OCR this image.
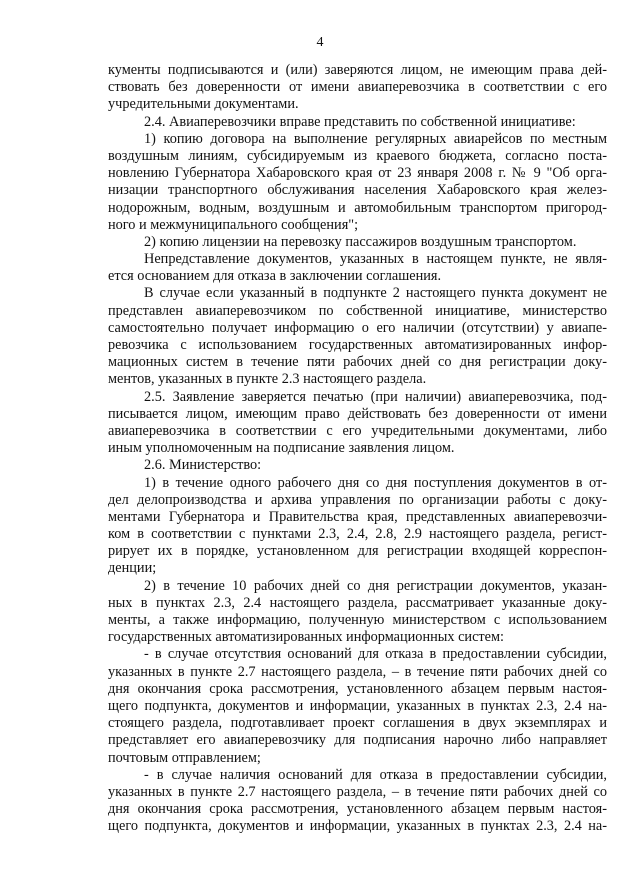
4
кументы подписываются и (или) заверяются лицом, не имеющим права дей-
ствовать без доверенности от имени авиаперевозчика в соответствии с его
учредительными документами.
2.4. Авиаперевозчики вправе представить по собственной инициативе:
1) копию договора на выполнение регулярных авиарейсов по местным
воздушным линиям, субсидируемым из краевого бюджета, согласно поста-
новлению Губернатора Хабаровского края от 23 января 2008 г. № 9 "Об орга-
низации транспортного обслуживания населения Хабаровского края желез-
нодорожным, водным, воздушным и автомобильным транспортом пригород-
ного и межмуниципального сообщения";
2) копию лицензии на перевозку пассажиров воздушным транспортом.
Непредставление документов, указанных в настоящем пункте, не явля-
ется основанием для отказа в заключении соглашения.
В случае если указанный в подпункте 2 настоящего пункта документ не
представлен авиаперевозчиком по собственной инициативе, министерство
самостоятельно получает информацию о его наличии (отсутствии) у авиапе-
ревозчика с использованием государственных автоматизированных инфор-
мационных систем в течение пяти рабочих дней со дня регистрации доку-
ментов, указанных в пункте 2.3 настоящего раздела.
2.5. Заявление заверяется печатью (при наличии) авиаперевозчика, под-
писывается лицом, имеющим право действовать без доверенности от имени
авиаперевозчика в соответствии с его учредительными документами, либо
иным уполномоченным на подписание заявления лицом.
2.6. Министерство:
1) в течение одного рабочего дня со дня поступления документов в от-
дел делопроизводства и архива управления по организации работы с доку-
ментами Губернатора и Правительства края, представленных авиаперевозчи-
ком в соответствии с пунктами 2.3, 2.4, 2.8, 2.9 настоящего раздела, регист-
рирует их в порядке, установленном для регистрации входящей корреспон-
денции;
2) в течение 10 рабочих дней со дня регистрации документов, указан-
ных в пунктах 2.3, 2.4 настоящего раздела, рассматривает указанные доку-
менты, а также информацию, полученную министерством с использованием
государственных автоматизированных информационных систем:
- в случае отсутствия оснований для отказа в предоставлении субсидии,
указанных в пункте 2.7 настоящего раздела, – в течение пяти рабочих дней со
дня окончания срока рассмотрения, установленного абзацем первым настоя-
щего подпункта, документов и информации, указанных в пунктах 2.3, 2.4 на-
стоящего раздела, подготавливает проект соглашения в двух экземплярах и
представляет его авиаперевозчику для подписания нарочно либо направляет
почтовым отправлением;
- в случае наличия оснований для отказа в предоставлении субсидии,
указанных в пункте 2.7 настоящего раздела, – в течение пяти рабочих дней со
дня окончания срока рассмотрения, установленного абзацем первым настоя-
щего подпункта, документов и информации, указанных в пунктах 2.3, 2.4 на-
